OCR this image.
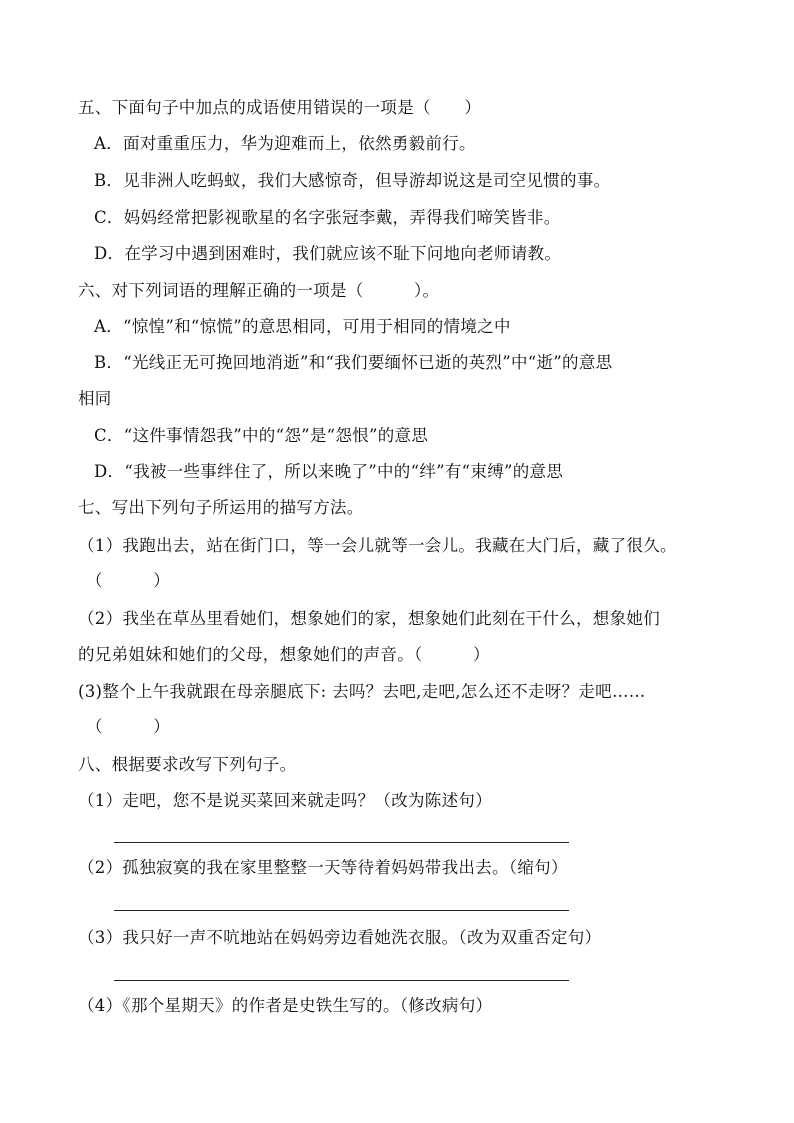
五、下面句子中加点的成语使用错误的一项是（　　）
A．面对重重压力，华为迎难而上，依然勇毅前行。
B．见非洲人吃蚂蚁，我们大感惊奇，但导游却说这是司空见惯的事。
C．妈妈经常把影视歌星的名字张冠李戴，弄得我们啼笑皆非。
D．在学习中遇到困难时，我们就应该不耻下问地向老师请教。
六、对下列词语的理解正确的一项是（　　　）。
A．“惊惶”和“惊慌”的意思相同，可用于相同的情境之中
B．“光线正无可挽回地消逝”和“我们要缅怀已逝的英烈”中“逝”的意思
相同
C．“这件事情怨我”中的“怨”是“怨恨”的意思
D．“我被一些事绊住了，所以来晚了”中的“绊”有“束缚”的意思
七、写出下列句子所运用的描写方法。
（1）我跑出去，站在街门口，等一会儿就等一会儿。我藏在大门后，藏了很久。
（　　　）
（2）我坐在草丛里看她们，想象她们的家，想象她们此刻在干什么，想象她们
的兄弟姐妹和她们的父母，想象她们的声音。（　　　）
(3)整个上午我就跟在母亲腿底下: 去吗？去吧,走吧,怎么还不走呀？走吧……
（　　　）
八、根据要求改写下列句子。
（1）走吧，您不是说买菜回来就走吗？（改为陈述句）
（2）孤独寂寞的我在家里整整一天等待着妈妈带我出去。（缩句）
（3）我只好一声不吭地站在妈妈旁边看她洗衣服。（改为双重否定句）
（4）《那个星期天》的作者是史铁生写的。（修改病句）
